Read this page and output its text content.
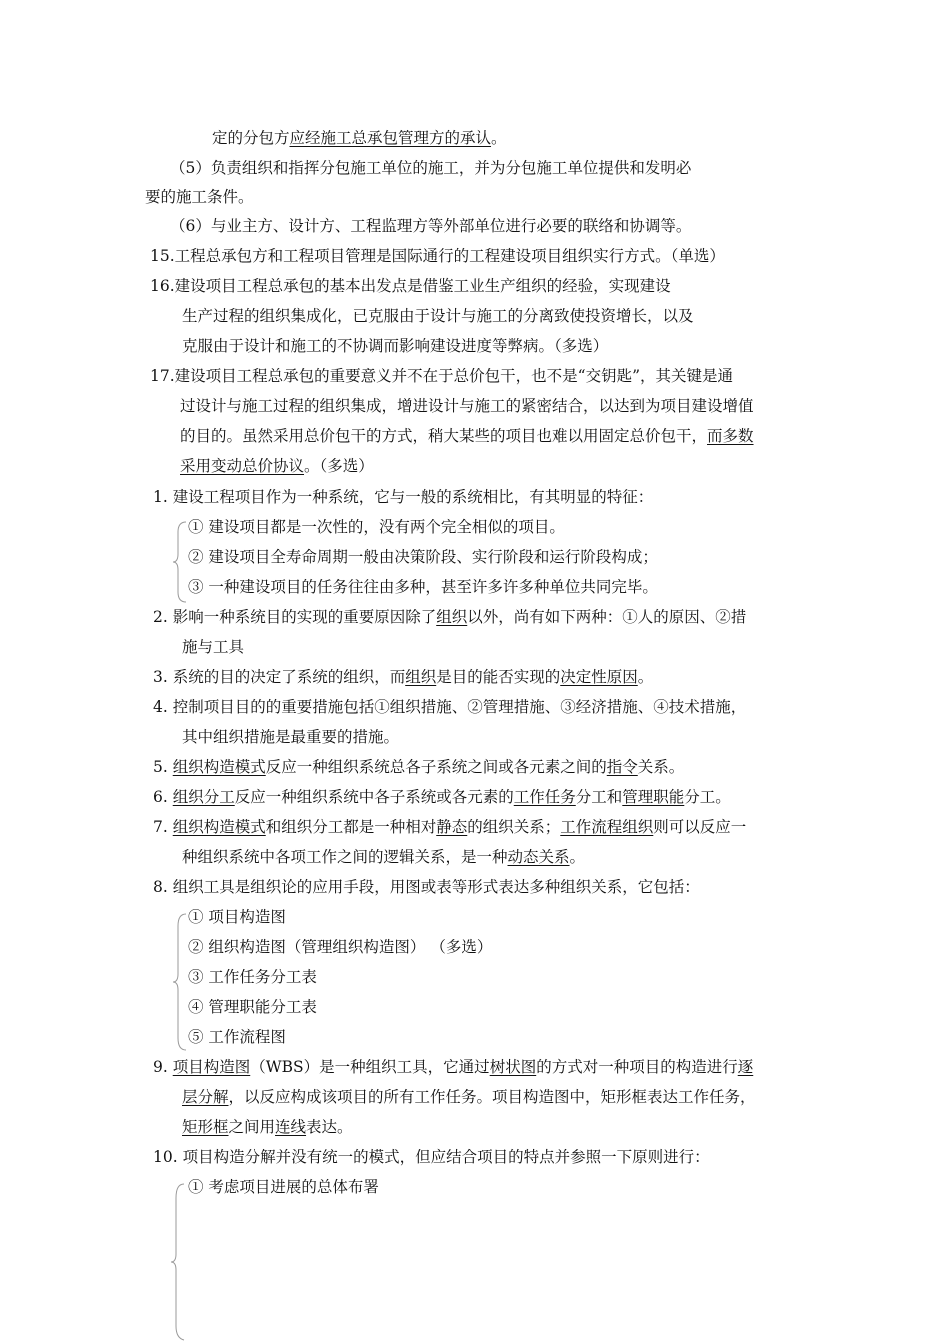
定的分包方应经施工总承包管理方的承认。
（5）负责组织和指挥分包施工单位的施工，并为分包施工单位提供和发明必
要的施工条件。
（6）与业主方、设计方、工程监理方等外部单位进行必要的联络和协调等。
15.工程总承包方和工程项目管理是国际通行的工程建设项目组织实行方式。（单选）
16.建设项目工程总承包的基本出发点是借鉴工业生产组织的经验，实现建设
生产过程的组织集成化，已克服由于设计与施工的分离致使投资增长，以及
克服由于设计和施工的不协调而影响建设进度等弊病。（多选）
17.建设项目工程总承包的重要意义并不在于总价包干，也不是“交钥匙”，其关键是通
过设计与施工过程的组织集成，增进设计与施工的紧密结合，以达到为项目建设增值
的目的。虽然采用总价包干的方式，稍大某些的项目也难以用固定总价包干，而多数
采用变动总价协议。（多选）
1. 建设工程项目作为一种系统，它与一般的系统相比，有其明显的特征：
① 建设项目都是一次性的，没有两个完全相似的项目。
② 建设项目全寿命周期一般由决策阶段、实行阶段和运行阶段构成；
③ 一种建设项目的任务往往由多种，甚至许多许多种单位共同完毕。
2. 影响一种系统目的实现的重要原因除了组织以外，尚有如下两种：①人的原因、②措
施与工具
3. 系统的目的决定了系统的组织，而组织是目的能否实现的决定性原因。
4. 控制项目目的的重要措施包括①组织措施、②管理措施、③经济措施、④技术措施，
其中组织措施是最重要的措施。
5. 组织构造模式反应一种组织系统总各子系统之间或各元素之间的指令关系。
6. 组织分工反应一种组织系统中各子系统或各元素的工作任务分工和管理职能分工。
7. 组织构造模式和组织分工都是一种相对静态的组织关系；工作流程组织则可以反应一
种组织系统中各项工作之间的逻辑关系，是一种动态关系。
8. 组织工具是组织论的应用手段，用图或表等形式表达多种组织关系，它包括：
① 项目构造图
② 组织构造图（管理组织构造图） （多选）
③ 工作任务分工表
④ 管理职能分工表
⑤ 工作流程图
9. 项目构造图（WBS）是一种组织工具，它通过树状图的方式对一种项目的构造进行逐
层分解，以反应构成该项目的所有工作任务。项目构造图中，矩形框表达工作任务，
矩形框之间用连线表达。
10. 项目构造分解并没有统一的模式，但应结合项目的特点并参照一下原则进行：
① 考虑项目进展的总体布署
